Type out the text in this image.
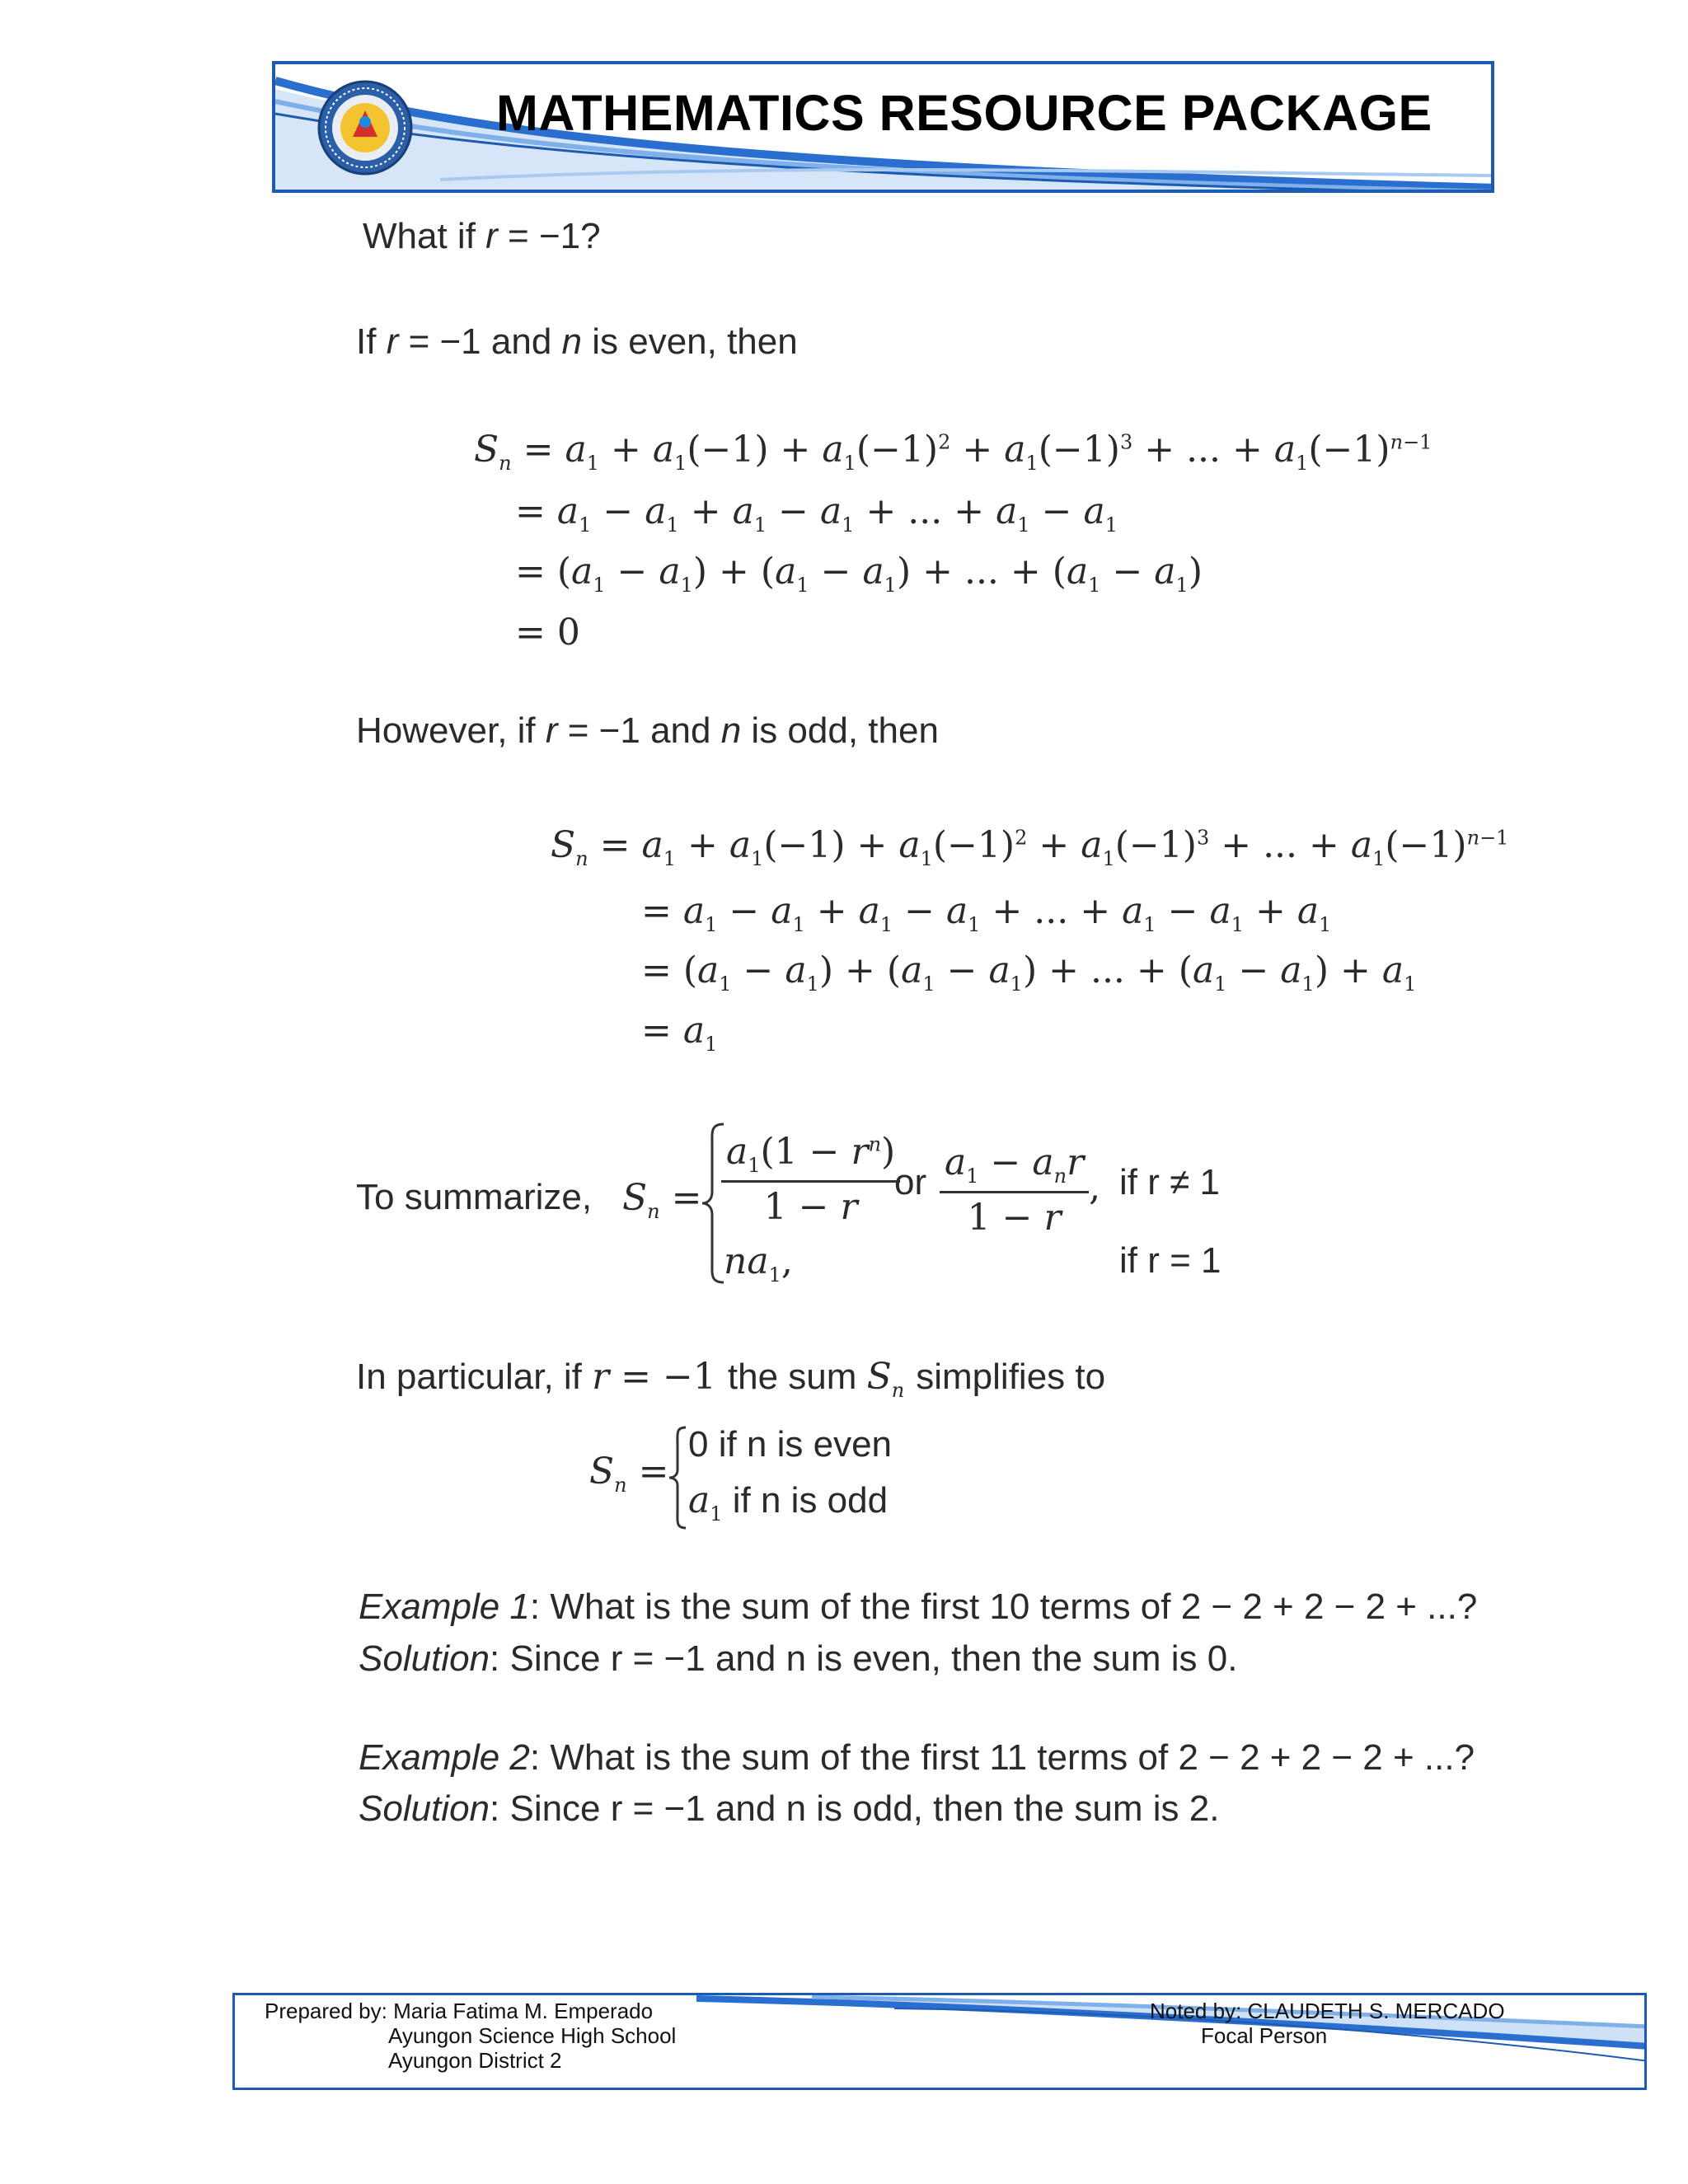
MATHEMATICS RESOURCE PACKAGE
What if r = −1?
If r = −1 and n is even, then
$S_n = a_1 + a_1(-1) + a_1(-1)^2 + a_1(-1)^3$ + ... + $a_1(-1)^{n-1}$
= $a_1 - a_1 + a_1 - a_1$ + ... + $a_1 - a_1$
= $(a_1 - a_1) + (a_1 - a_1)$ + ... + $(a_1 - a_1)$
= 0
However, if r = −1 and n is odd, then
$S_n = a_1 + a_1(-1) + a_1(-1)^2 + a_1(-1)^3$ + ... + $a_1(-1)^{n-1}$
= $a_1 - a_1 + a_1 - a_1$ + ... + $a_1 - a_1 + a_1$
= $(a_1 - a_1) + (a_1 - a_1)$ + ... + $(a_1 - a_1) + a_1$
= $a_1$
To summarize, $S_n = \frac{a_1(1 - r^n)}{1 - r}$
or $\frac{a_1 - a_nr}{1 - r}$ , if r ≠ 1
$na_1$,	if r = 1
In particular, if r = −1 the sum $S_n$ simplifies to
$S_n$ =
0 if n is even
$a_1$ if n is odd
Example 1: What is the sum of the first 10 terms of 2 − 2 + 2 − 2 + ...?
Solution: Since r = −1 and n is even, then the sum is 0.
Example 2: What is the sum of the first 11 terms of 2 − 2 + 2 − 2 + ...?
Solution: Since r = −1 and n is odd, then the sum is 2.
Prepared by: Maria Fatima M. Emperado
Ayungon Science High School
Ayungon District 2
Noted by: CLAUDETH S. MERCADO
Focal Person
